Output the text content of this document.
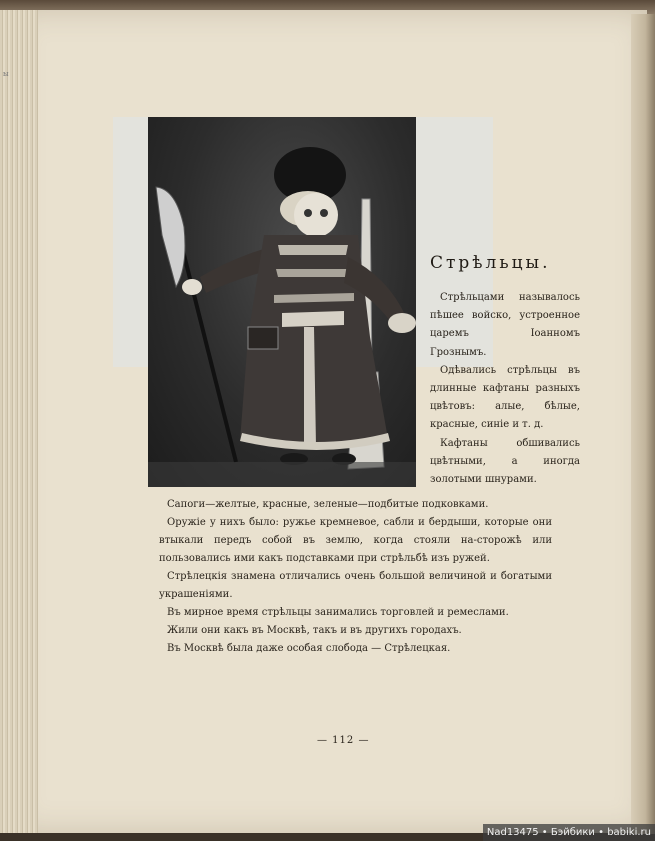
ы
Стрѣльцы.

Стрѣльцами называлось пѣшее войско, устроенное царемъ Іоанномъ Грознымъ.

Одѣвались стрѣльцы въ длинные кафтаны разныхъ цвѣтовъ: алые, бѣлые, красные, синіе и т. д.

Кафтаны обшивались цвѣтными, а иногда золотыми шнурами.

Сапоги—желтые, красные, зеленые—подбитые подковками.

Оружіе у нихъ было: ружье кремневое, сабли и бердыши, которые они втыкали передъ собой въ землю, когда стояли на-сторожѣ или пользовались ими какъ подставками при стрѣльбѣ изъ ружей.

Стрѣлецкія знамена отличались очень большой величиной и богатыми украшеніями.

Въ мирное время стрѣльцы занимались торговлей и ремеслами.

Жили они какъ въ Москвѣ, такъ и въ другихъ городахъ.

Въ Москвѣ была даже особая слобода — Стрѣлецкая.

— 112 —
Nad13475 • Бэйбики • babiki.ru
